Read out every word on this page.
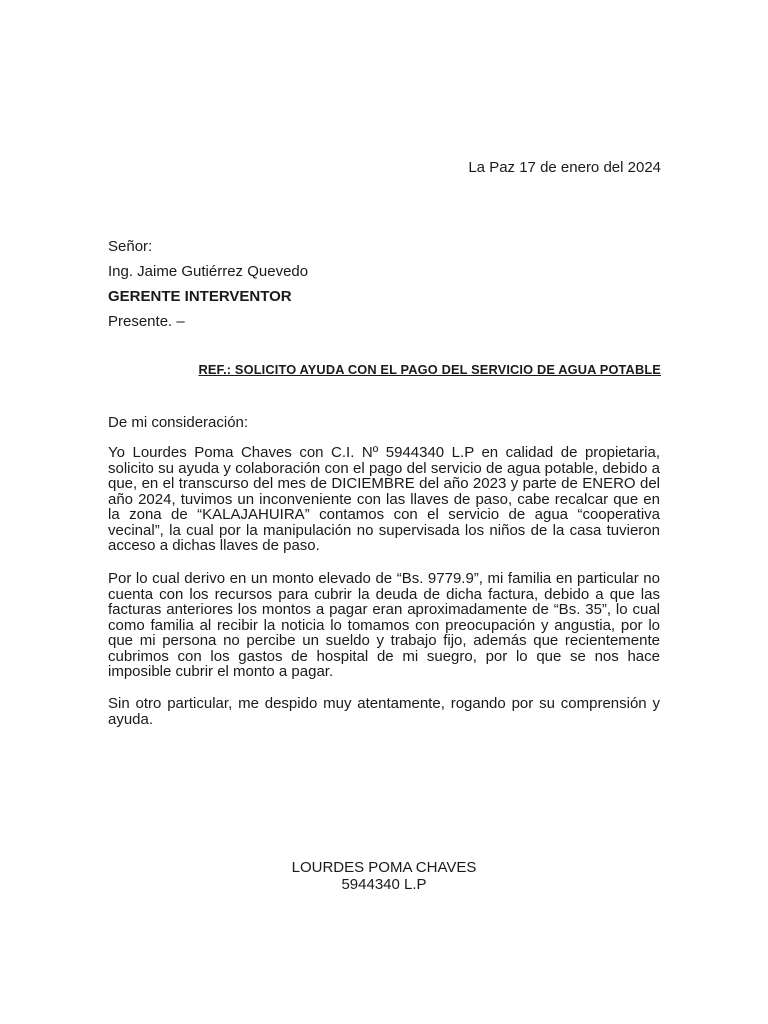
La Paz 17 de enero del 2024
Señor:
Ing. Jaime Gutiérrez Quevedo
GERENTE INTERVENTOR
Presente. –
REF.: SOLICITO AYUDA CON EL PAGO DEL SERVICIO DE AGUA POTABLE
De mi consideración:
Yo Lourdes Poma Chaves con C.I. Nº 5944340 L.P en calidad de propietaria, solicito su ayuda y colaboración con el pago del servicio de agua potable, debido a que, en el transcurso del mes de DICIEMBRE del año 2023 y parte de ENERO del año 2024, tuvimos un inconveniente con las llaves de paso, cabe recalcar que en la zona de “KALAJAHUIRA” contamos con el servicio de agua “cooperativa vecinal”, la cual por la manipulación no supervisada los niños de la casa tuvieron acceso a dichas llaves de paso.
Por lo cual derivo en un monto elevado de “Bs. 9779.9”, mi familia en particular no cuenta con los recursos para cubrir la deuda de dicha factura, debido a que las facturas anteriores los montos a pagar eran aproximadamente de “Bs. 35”, lo cual como familia al recibir la noticia lo tomamos con preocupación y angustia, por lo que mi persona no percibe un sueldo y trabajo fijo, además que recientemente cubrimos con los gastos de hospital de mi suegro, por lo que se nos hace imposible cubrir el monto a pagar.
Sin otro particular, me despido muy atentamente, rogando por su comprensión y ayuda.
LOURDES POMA CHAVES
5944340 L.P
